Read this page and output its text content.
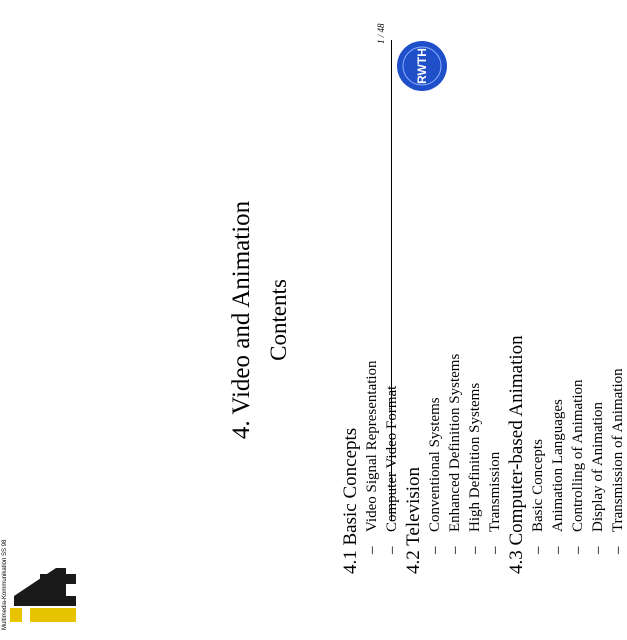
4. Video and Animation Contents
4.1 Basic Concepts –Video Signal Representation
–Computer Video Format 4.2 Television –Conventional Systems
–Enhanced Definition Systems
–High Definition Systems
–Transmission 4.3 Computer-based Animation –Basic Concepts
–Animation Languages
–Controlling of Animation
–Display of Animation
–Transmission of Animation
1 / 48
RWTH
Multimedia-Kommunikation SS 98
